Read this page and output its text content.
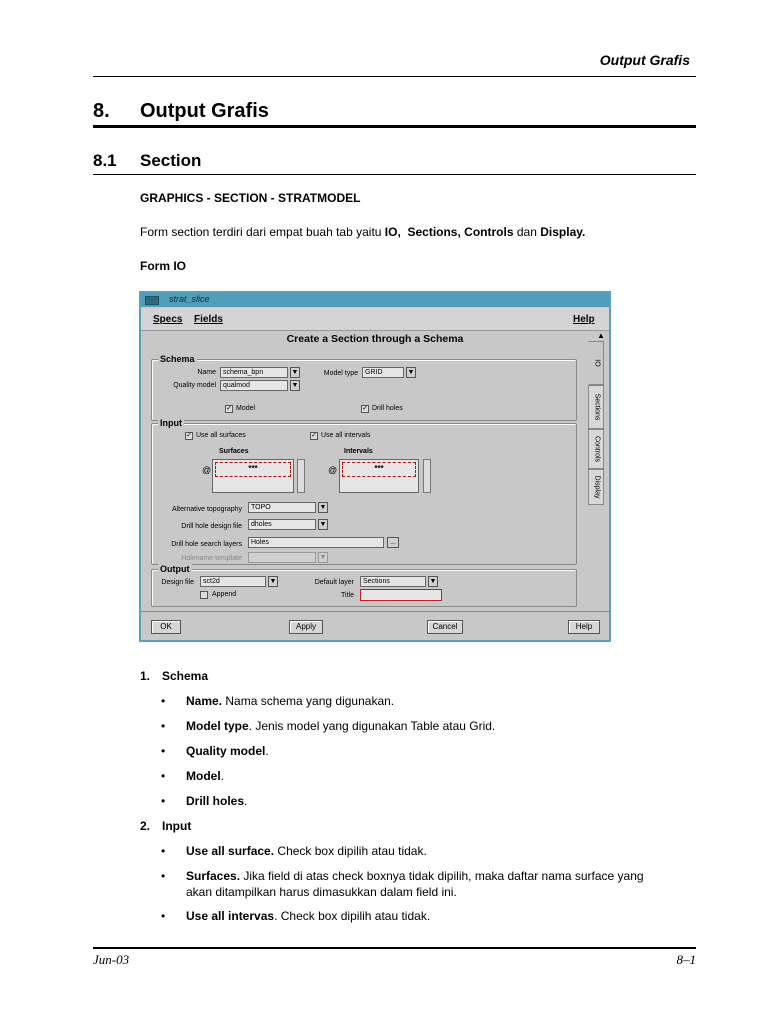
Output Grafis
8. Output Grafis
8.1 Section
GRAPHICS - SECTION - STRATMODEL
Form section terdiri dari empat buah tab yaitu IO, Sections, Controls dan Display.
Form IO
strat_slice
Specs Fields	Help
Create a Section through a Schema	▲
Schema
Name	schema_bpn	▼	Model type	GRID	▼
Quality model	qualmod	▼
✓ Model	✓ Drill holes
Input
✓ Use all surfaces	✓ Use all intervals
Surfaces	Intervals
@	***	@	***
Alternative topography	TOPO	▼
Drill hole design file	dholes	▼
Drill hole search layers	Holes	...
Holename template	▼
Output
Design file	sct2d	▼
Append
Default layer	Sections	▼
Title
IO
Sections
Controls
Display
OK	Apply	Cancel	Help
1. Schema
• Name. Nama schema yang digunakan.
• Model type. Jenis model yang digunakan Table atau Grid.
• Quality model.
• Model.
• Drill holes.
2. Input
• Use all surface. Check box dipilih atau tidak.
• Surfaces. Jika field di atas check boxnya tidak dipilih, maka daftar nama surface yang
akan ditampilkan harus dimasukkan dalam field ini.
• Use all intervas. Check box dipilih atau tidak.
Jun-03	8–1
